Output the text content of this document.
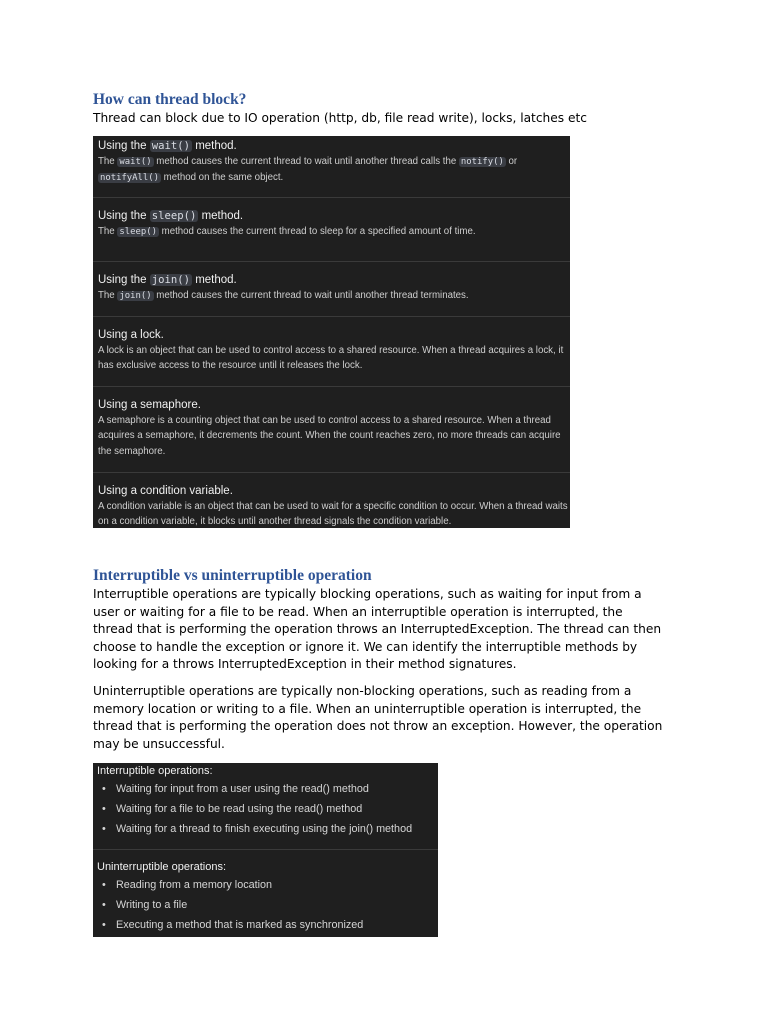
How can thread block?

Thread can block due to IO operation (http, db, file read write), locks, latches etc

Using the wait() method.

The wait() method causes the current thread to wait until another thread calls the notify() or notifyAll() method on the same object.

Using the sleep() method.

The sleep() method causes the current thread to sleep for a specified amount of time.

Using the join() method.

The join() method causes the current thread to wait until another thread terminates.

Using a lock.

A lock is an object that can be used to control access to a shared resource. When a thread acquires a lock, it has exclusive access to the resource until it releases the lock.

Using a semaphore.

A semaphore is a counting object that can be used to control access to a shared resource. When a thread acquires a semaphore, it decrements the count. When the count reaches zero, no more threads can acquire the semaphore.

Using a condition variable.

A condition variable is an object that can be used to wait for a specific condition to occur. When a thread waits on a condition variable, it blocks until another thread signals the condition variable.

Interruptible vs uninterruptible operation

Interruptible operations are typically blocking operations, such as waiting for input from a user or waiting for a file to be read. When an interruptible operation is interrupted, the thread that is performing the operation throws an InterruptedException. The thread can then choose to handle the exception or ignore it. We can identify the interruptible methods by looking for a throws InterruptedException in their method signatures.

Uninterruptible operations are typically non-blocking operations, such as reading from a memory location or writing to a file. When an uninterruptible operation is interrupted, the thread that is performing the operation does not throw an exception. However, the operation may be unsuccessful.

Interruptible operations:

• Waiting for input from a user using the read() method
• Waiting for a file to be read using the read() method
• Waiting for a thread to finish executing using the join() method

Uninterruptible operations:

• Reading from a memory location
• Writing to a file
• Executing a method that is marked as synchronized
